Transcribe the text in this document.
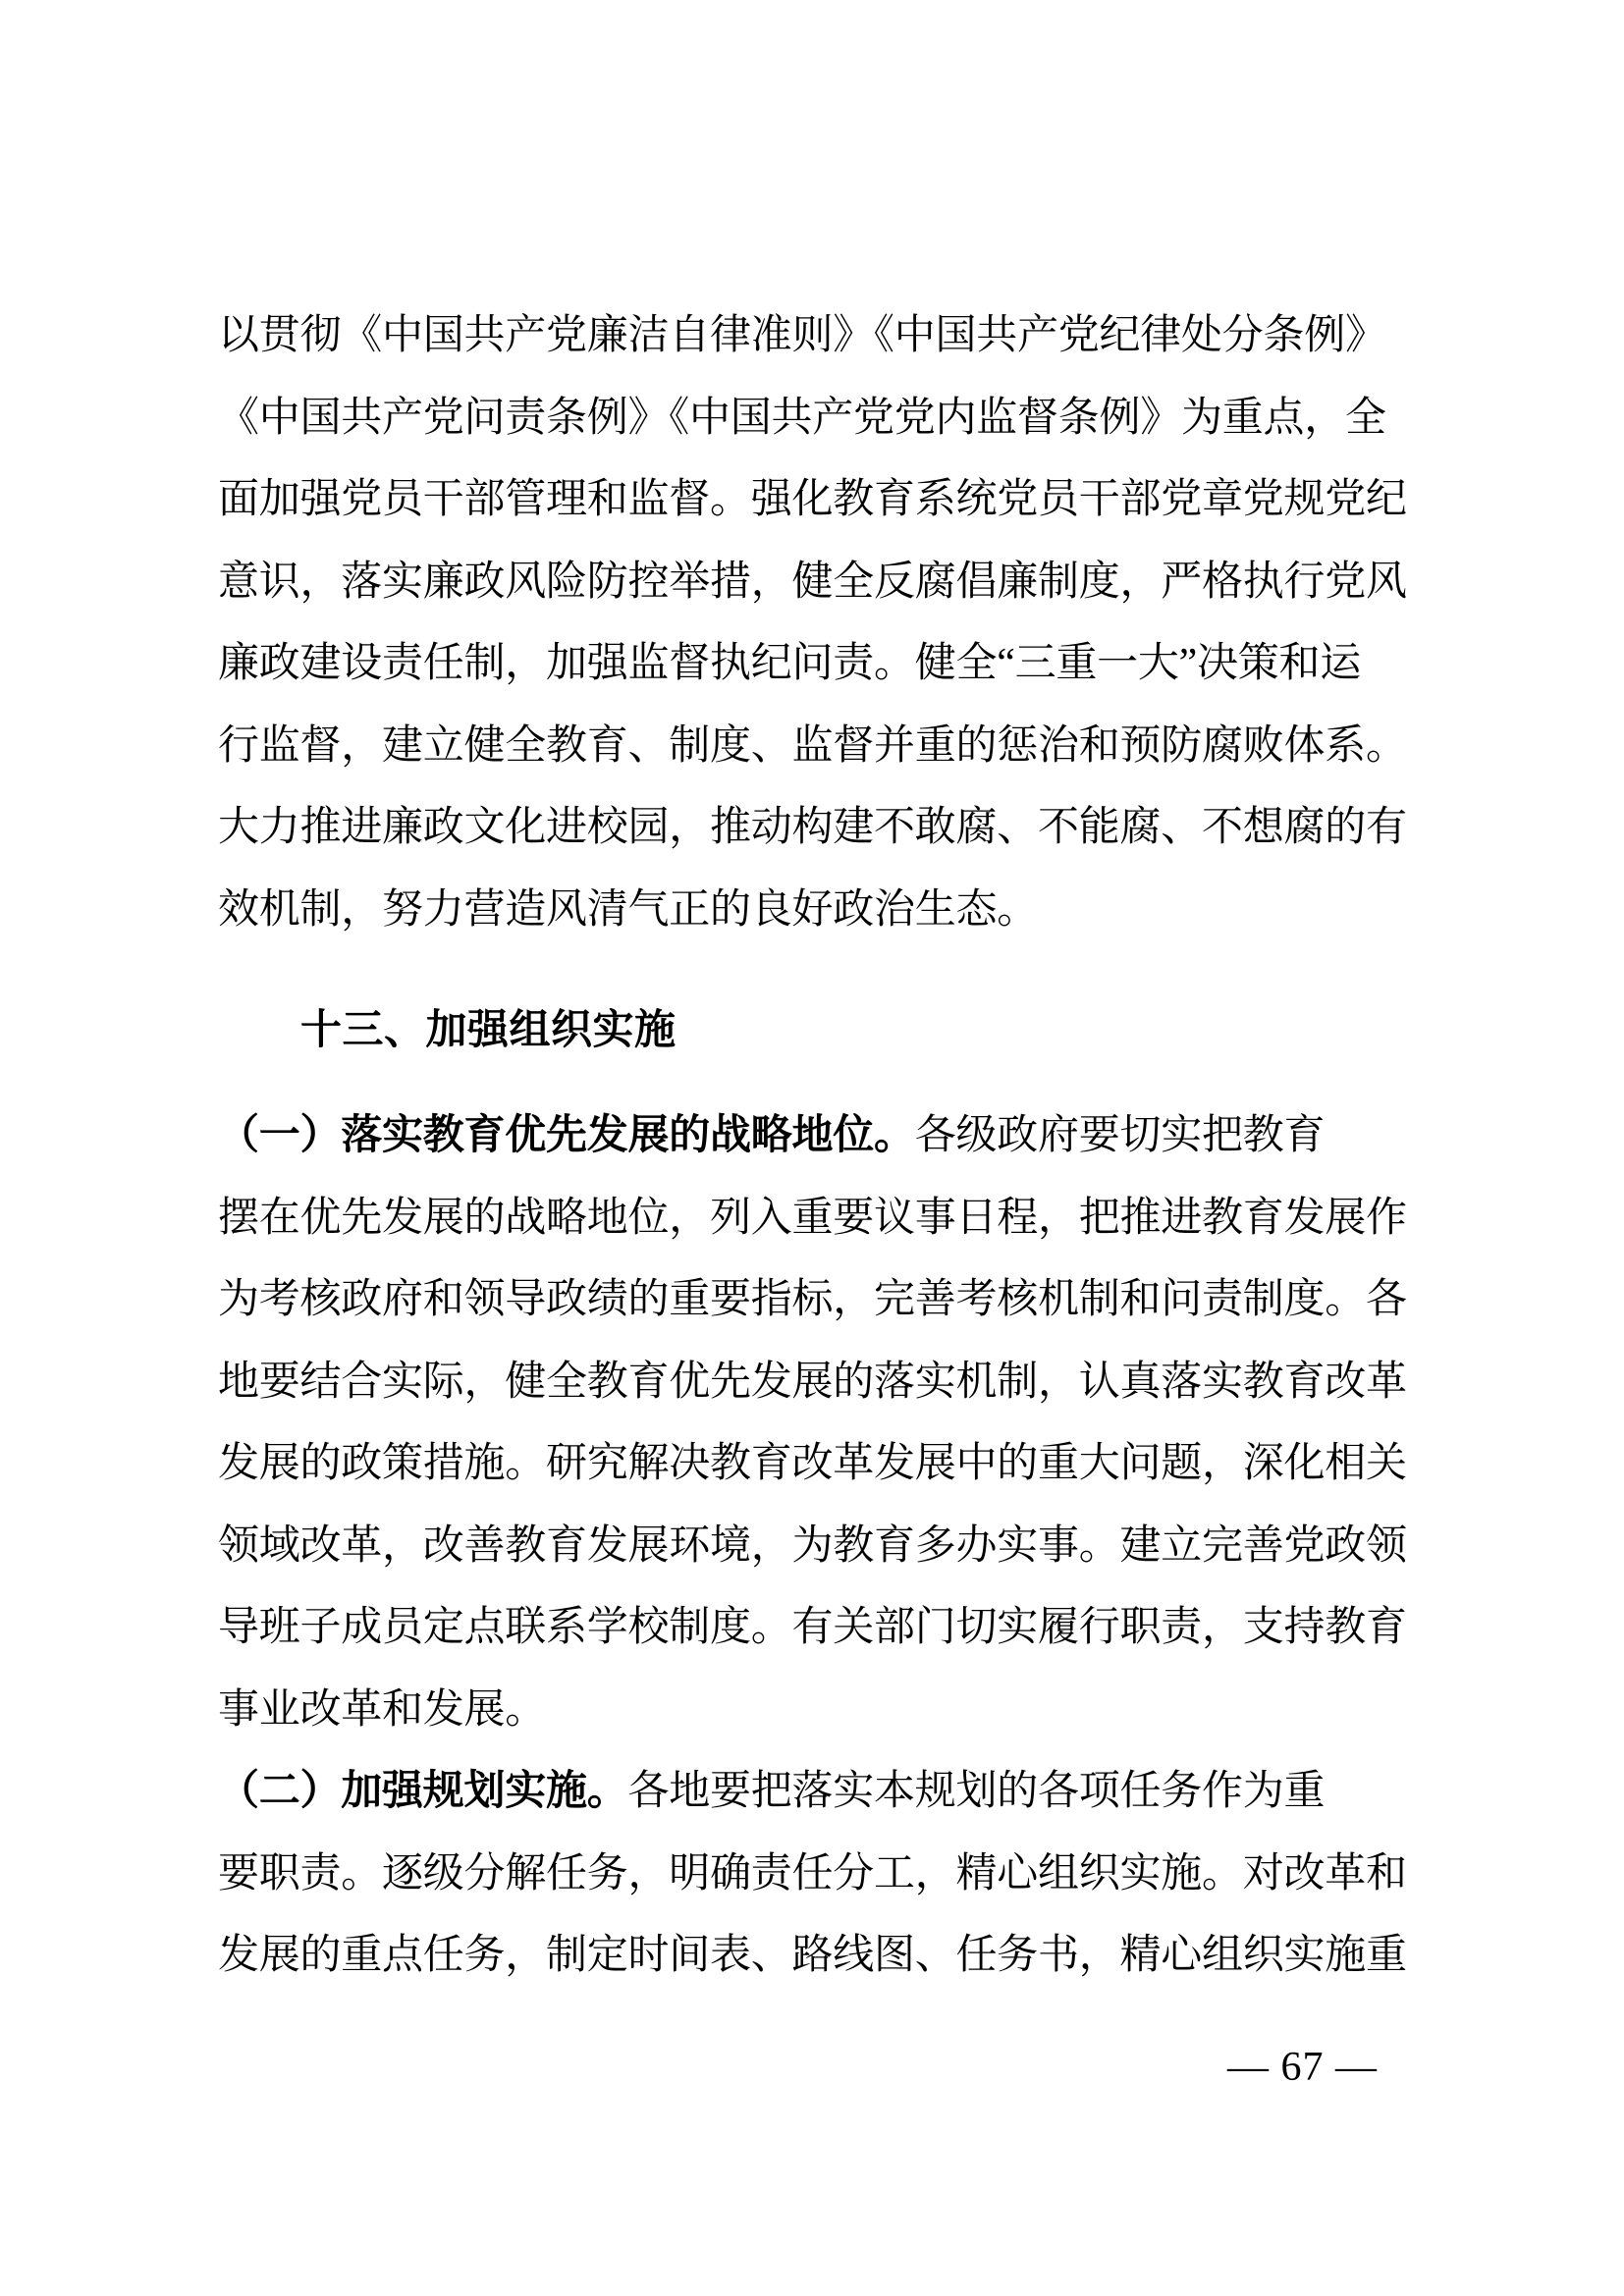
以贯彻《中国共产党廉洁自律准则》《中国共产党纪律处分条例》
《中国共产党问责条例》《中国共产党党内监督条例》为重点，全
面加强党员干部管理和监督。强化教育系统党员干部党章党规党纪
意识，落实廉政风险防控举措，健全反腐倡廉制度，严格执行党风
廉政建设责任制，加强监督执纪问责。健全“三重一大”决策和运
行监督，建立健全教育、制度、监督并重的惩治和预防腐败体系。
大力推进廉政文化进校园，推动构建不敢腐、不能腐、不想腐的有
效机制，努力营造风清气正的良好政治生态。
十三、加强组织实施
（一）落实教育优先发展的战略地位。各级政府要切实把教育
摆在优先发展的战略地位，列入重要议事日程，把推进教育发展作
为考核政府和领导政绩的重要指标，完善考核机制和问责制度。各
地要结合实际，健全教育优先发展的落实机制，认真落实教育改革
发展的政策措施。研究解决教育改革发展中的重大问题，深化相关
领域改革，改善教育发展环境，为教育多办实事。建立完善党政领
导班子成员定点联系学校制度。有关部门切实履行职责，支持教育
事业改革和发展。
（二）加强规划实施。各地要把落实本规划的各项任务作为重
要职责。逐级分解任务，明确责任分工，精心组织实施。对改革和
发展的重点任务，制定时间表、路线图、任务书，精心组织实施重
— 67 —
